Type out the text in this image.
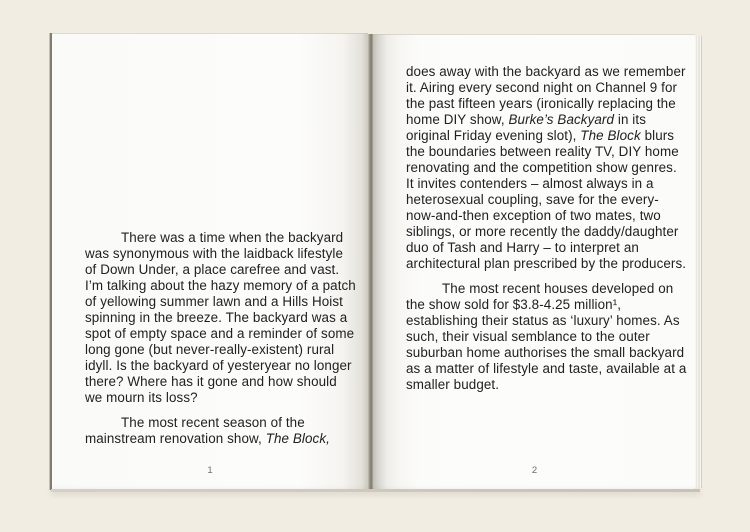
There was a time when the backyard was synonymous with the laidback lifestyle of Down Under, a place carefree and vast. I’m talking about the hazy memory of a patch of yellowing summer lawn and a Hills Hoist spinning in the breeze. The backyard was a spot of empty space and a reminder of some long gone (but never-really-existent) rural idyll. Is the backyard of yesteryear no longer there? Where has it gone and how should we mourn its loss?

The most recent season of the mainstream renovation show, The Block,

1

does away with the backyard as we remember it. Airing every second night on Channel 9 for the past fifteen years (ironically replacing the home DIY show, Burke’s Backyard in its original Friday evening slot), The Block blurs the boundaries between reality TV, DIY home renovating and the competition show genres. It invites contenders – almost always in a heterosexual coupling, save for the every-now-and-then exception of two mates, two siblings, or more recently the daddy/daughter duo of Tash and Harry – to interpret an architectural plan prescribed by the producers.

The most recent houses developed on the show sold for $3.8-4.25 million¹, establishing their status as ‘luxury’ homes. As such, their visual semblance to the outer suburban home authorises the small backyard as a matter of lifestyle and taste, available at a smaller budget.

2
